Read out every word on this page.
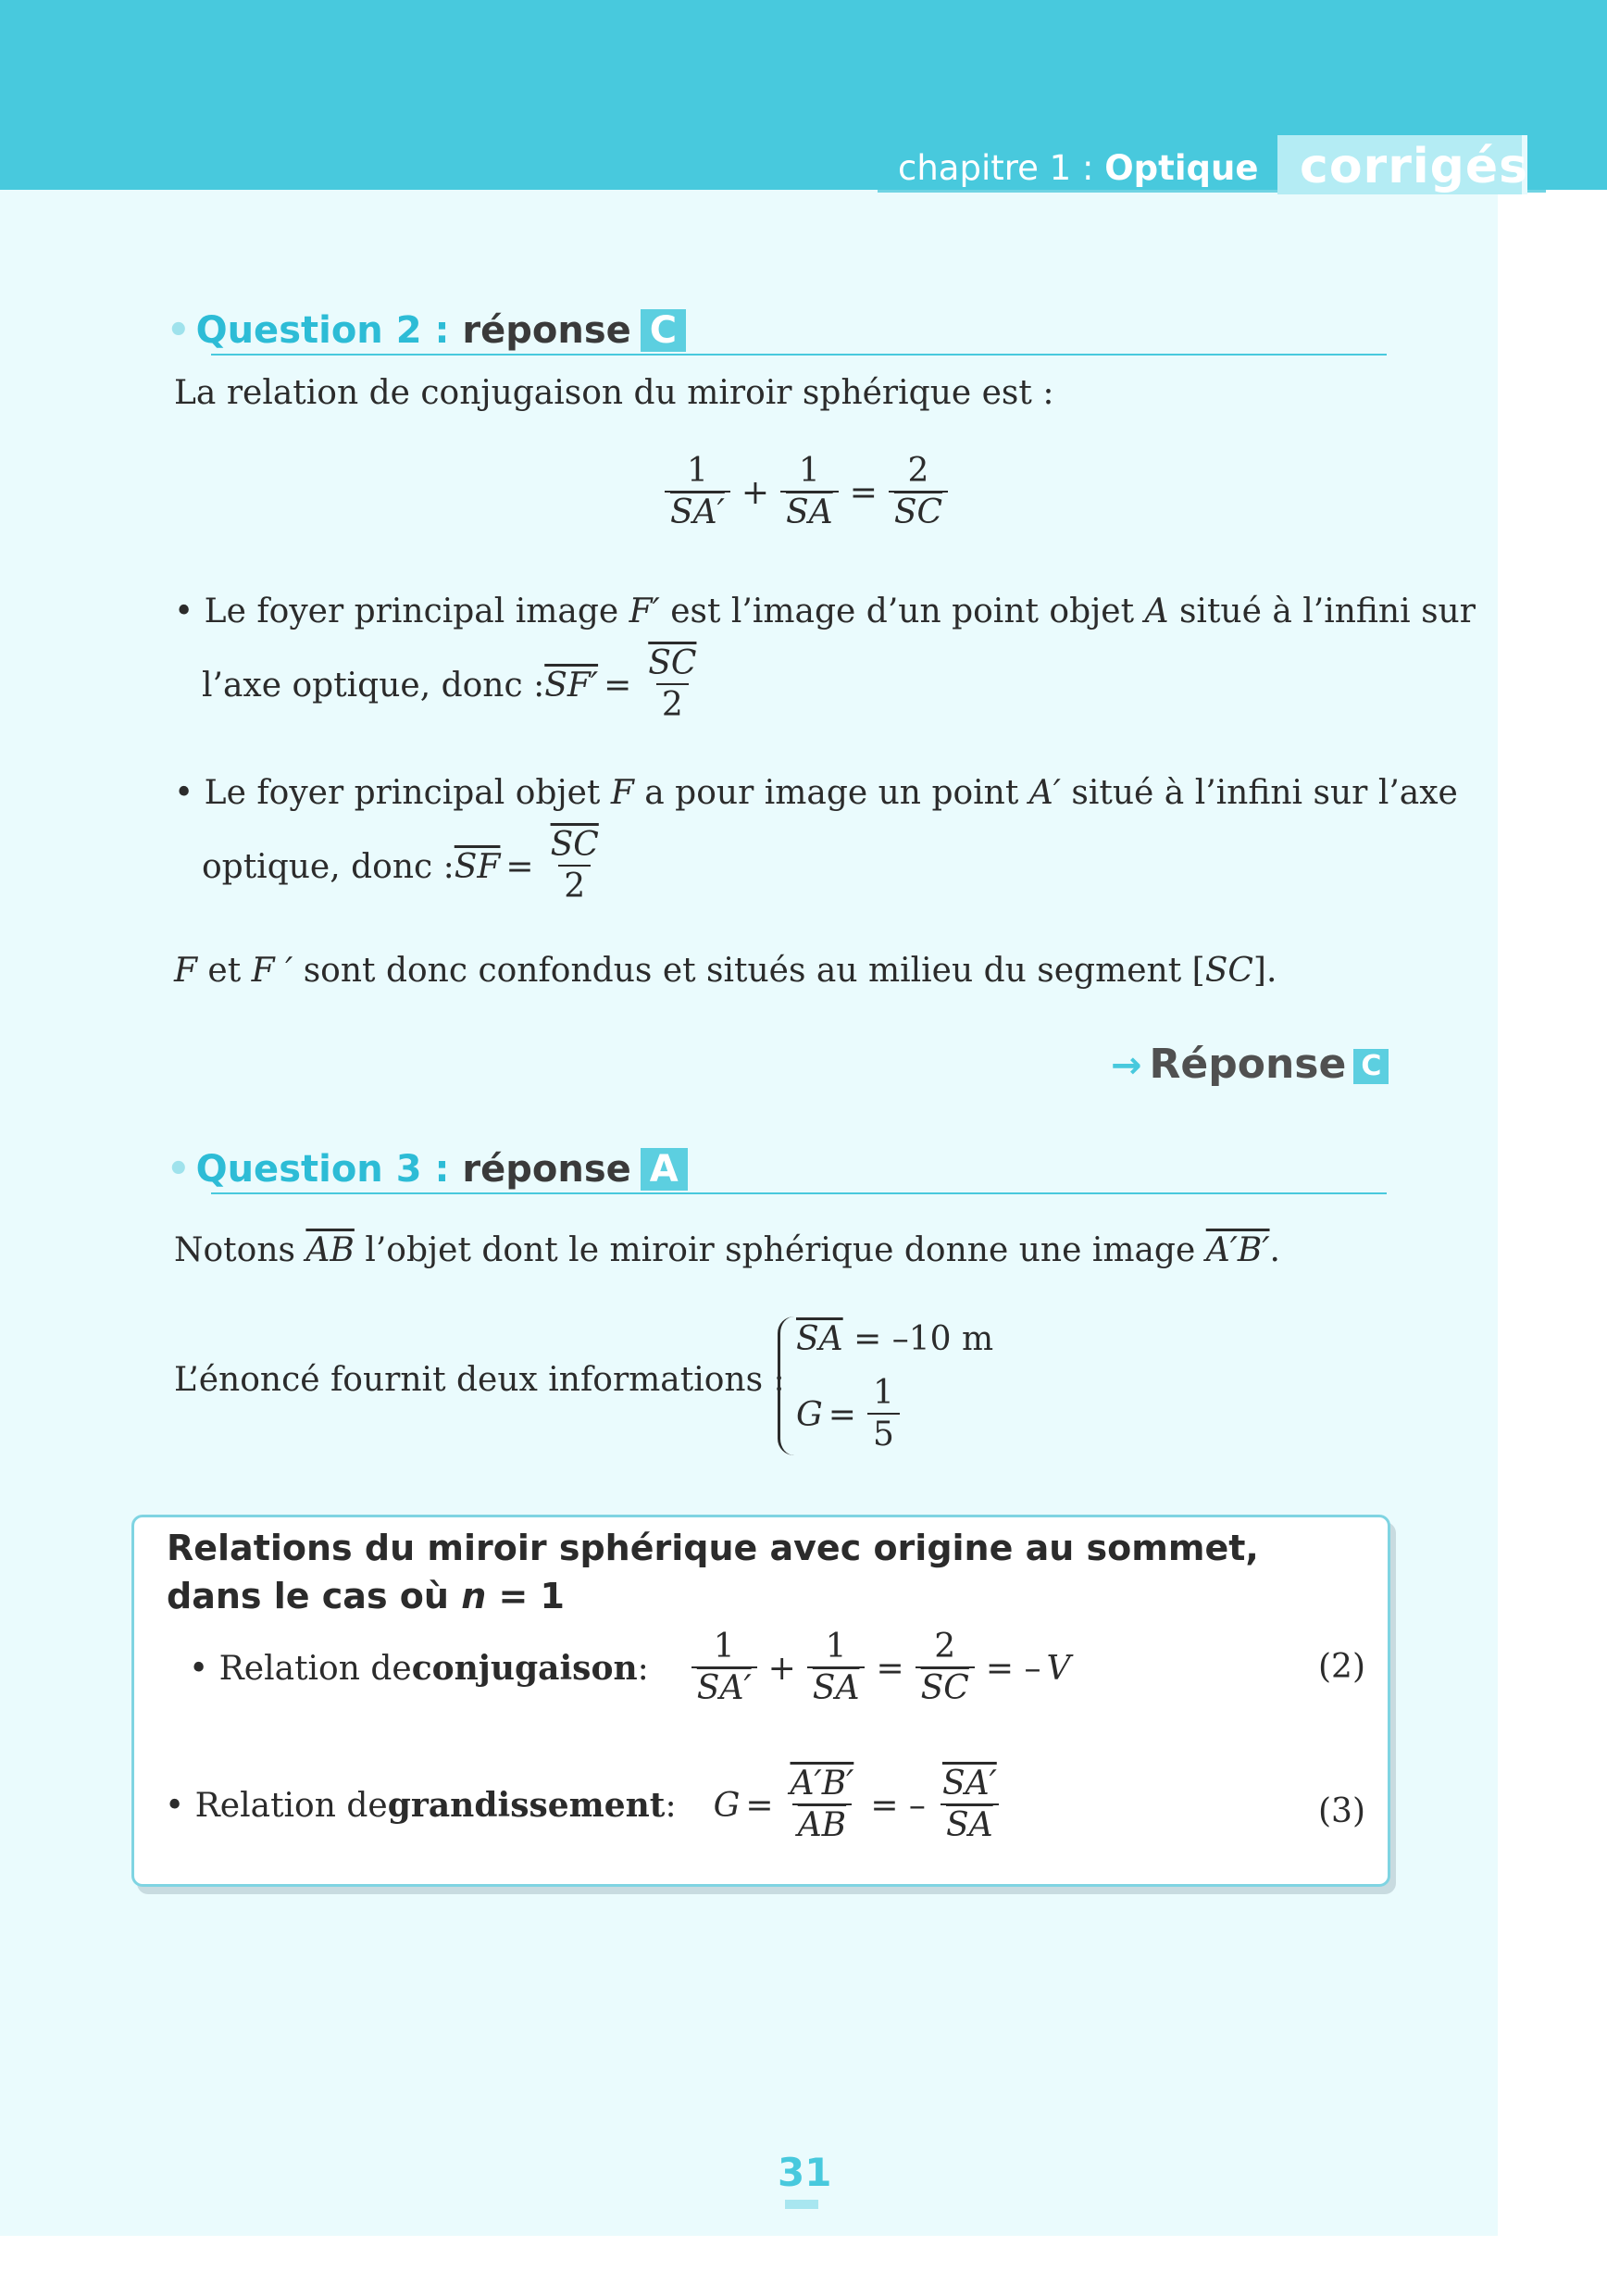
chapitre 1 : Optique corrigés
• Question 2 : réponse C
La relation de conjugaison du miroir sphérique est :
$\frac{1}{SA'} + \frac{1}{SA} = \frac{2}{SC}$
• Le foyer principal image F′ est l’image d’un point objet A situé à l’infini sur
l’axe optique, donc : $SF' = \frac{\overline{SC}}{2}$
• Le foyer principal objet F a pour image un point A′ situé à l’infini sur l’axe
optique, donc : $\overline{SF} = \frac{\overline{SC}}{2}$
F et F ′ sont donc confondus et situés au milieu du segment [SC].
→ Réponse C
• Question 3 : réponse A
Notons $\overline{AB}$ l’objet dont le miroir sphérique donne une image A′B′.
L’énoncé fournit deux informations :
$\overline{SA} = -10$ m
$G = \frac{1}{5}$
Relations du miroir sphérique avec origine au sommet, dans le cas où n = 1
• Relation de conjugaison : $\frac{1}{SA'} + \frac{1}{SA} = \frac{2}{SC}$ = – V	(2)
• Relation de grandissement : $G = \frac{A'B'}{AB}$ = – $\frac{SA'}{SA}$	(3)
31
